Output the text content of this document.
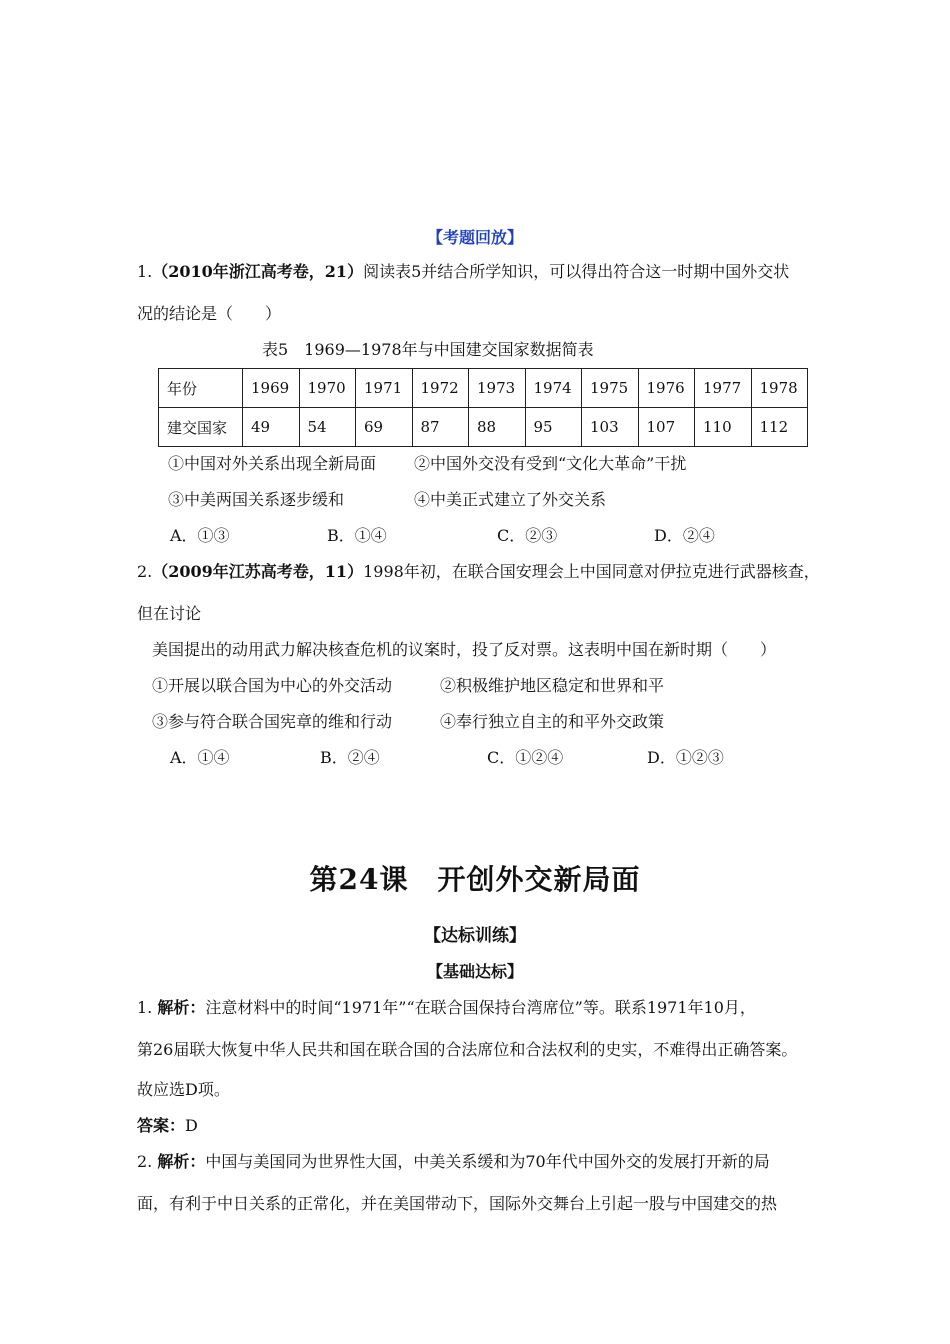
【考题回放】
1.（2010年浙江高考卷，21）阅读表5并结合所学知识，可以得出符合这一时期中国外交状
况的结论是（　　）
表5　1969—1978年与中国建交国家数据简表
年份	1969	1970	1971	1972	1973	1974	1975	1976	1977	1978
建交国家	49	54	69	87	88	95	103	107	110	112
①中国对外关系出现全新局面 ②中国外交没有受到“文化大革命”干扰
③中美两国关系逐步缓和	④中美正式建立了外交关系
A．①③	B．①④	C．②③	D．②④
2.（2009年江苏高考卷，11）1998年初，在联合国安理会上中国同意对伊拉克进行武器核查，
但在讨论
美国提出的动用武力解决核查危机的议案时，投了反对票。这表明中国在新时期（　　）
①开展以联合国为中心的外交活动	②积极维护地区稳定和世界和平
③参与符合联合国宪章的维和行动	④奉行独立自主的和平外交政策
A．①④	B．②④	C．①②④	D．①②③
第24课　开创外交新局面
【达标训练】
【基础达标】
1. 解析：注意材料中的时间“1971年”“在联合国保持台湾席位”等。联系1971年10月，
第26届联大恢复中华人民共和国在联合国的合法席位和合法权利的史实，不难得出正确答案。
故应选D项。
答案：D
2. 解析：中国与美国同为世界性大国，中美关系缓和为70年代中国外交的发展打开新的局
面，有利于中日关系的正常化，并在美国带动下，国际外交舞台上引起一股与中国建交的热
